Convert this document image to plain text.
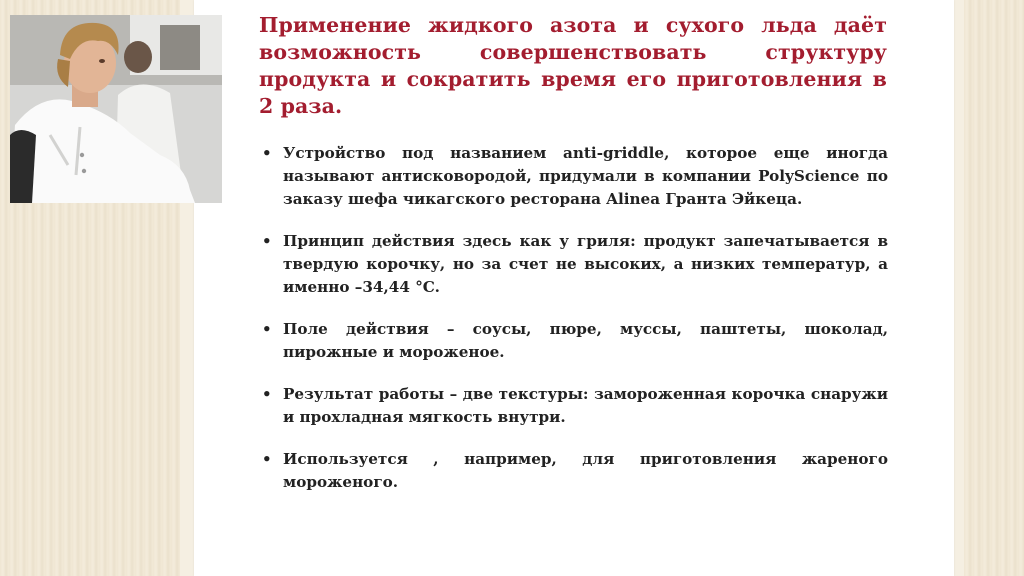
Применение жидкого азота и сухого льда даёт возможность совершенствовать структуру продукта и сократить время его приготовления в 2 раза.
• Устройство под названием anti-griddle, которое еще иногда называют антисковородой, придумали в компании PolyScience по заказу шефа чикагского ресторана Alinea Гранта Эйкеца.
• Принцип действия здесь как у гриля: продукт запечатывается в твердую корочку, но за счет не высоких, а низких температур, а именно –34,44 °C.
• Поле действия – соусы, пюре, муссы, паштеты, шоколад, пирожные и мороженое.
• Результат работы – две текстуры: замороженная корочка снаружи и прохладная мягкость внутри.
• Используется , например, для приготовления жареного мороженого.
